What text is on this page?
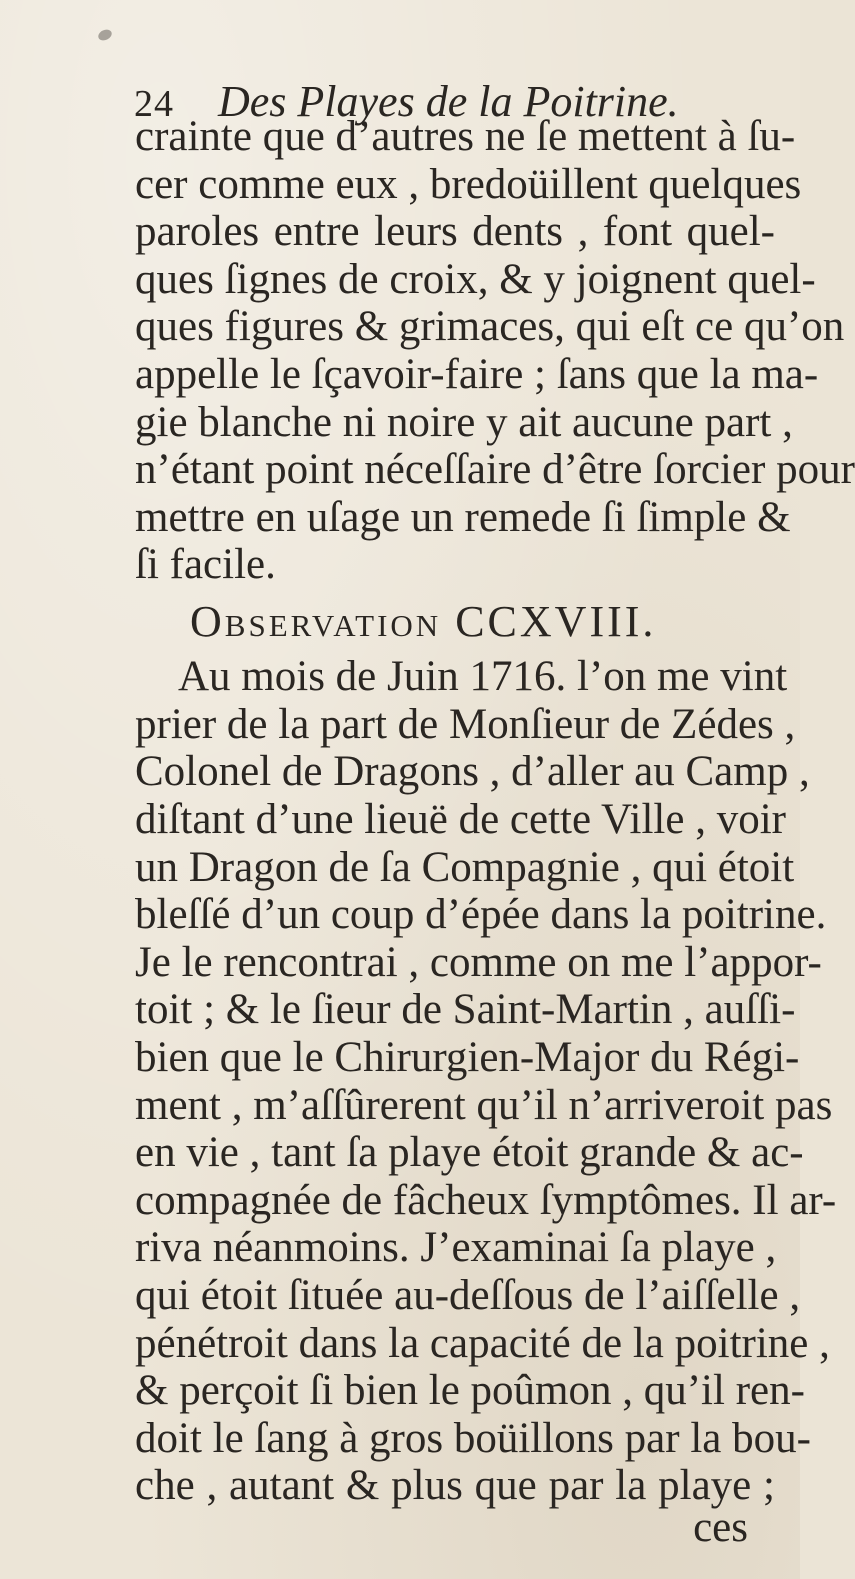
24 Des Playes de la Poitrine.
crainte que d’autres ne ſe mettent à ſu-
cer comme eux , bredoüillent quelques
paroles entre leurs dents , font quel-
ques ſignes de croix, & y joignent quel-
ques figures & grimaces, qui eſt ce qu’on
appelle le ſçavoir-faire ; ſans que la ma-
gie blanche ni noire y ait aucune part ,
n’étant point néceſſaire d’être ſorcier pour
mettre en uſage un remede ſi ſimple &
ſi facile.
Observation CCXVIII.
Au mois de Juin 1716. l’on me vint
prier de la part de Monſieur de Zédes ,
Colonel de Dragons , d’aller au Camp ,
diſtant d’une lieuë de cette Ville , voir
un Dragon de ſa Compagnie , qui étoit
bleſſé d’un coup d’épée dans la poitrine.
Je le rencontrai , comme on me l’appor-
toit ; & le ſieur de Saint-Martin , auſſi-
bien que le Chirurgien-Major du Régi-
ment , m’aſſûrerent qu’il n’arriveroit pas
en vie , tant ſa playe étoit grande & ac-
compagnée de fâcheux ſymptômes. Il ar-
riva néanmoins. J’examinai ſa playe ,
qui étoit ſituée au-deſſous de l’aiſſelle ,
pénétroit dans la capacité de la poitrine ,
& perçoit ſi bien le poûmon , qu’il ren-
doit le ſang à gros boüillons par la bou-
che , autant & plus que par la playe ;
ces
